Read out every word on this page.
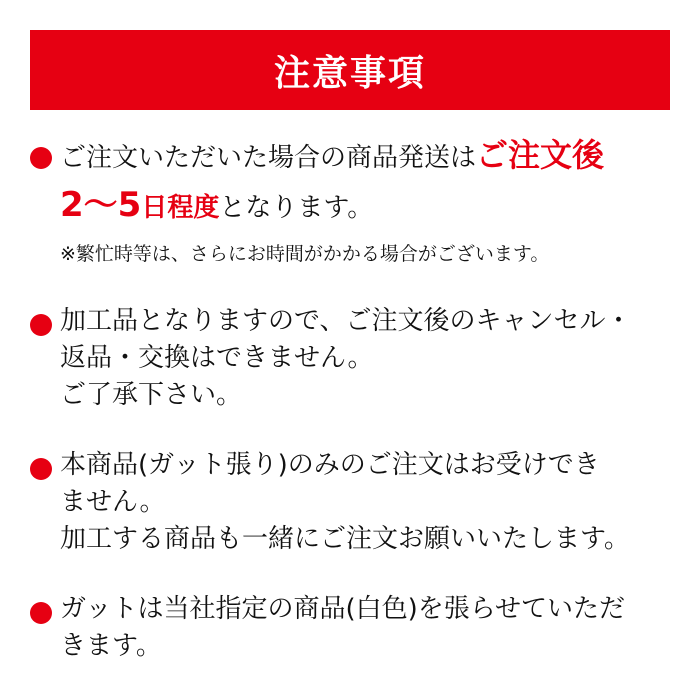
注意事項
ご注文いただいた場合の商品発送はご注文後
2〜5日程度となります。
※繁忙時等は、さらにお時間がかかる場合がございます。
加工品となりますので、ご注文後のキャンセル・
返品・交換はできません。
ご了承下さい。
本商品(ガット張り)のみのご注文はお受けでき
ません。
加工する商品も一緒にご注文お願いいたします。
ガットは当社指定の商品(白色)を張らせていただ
きます。
